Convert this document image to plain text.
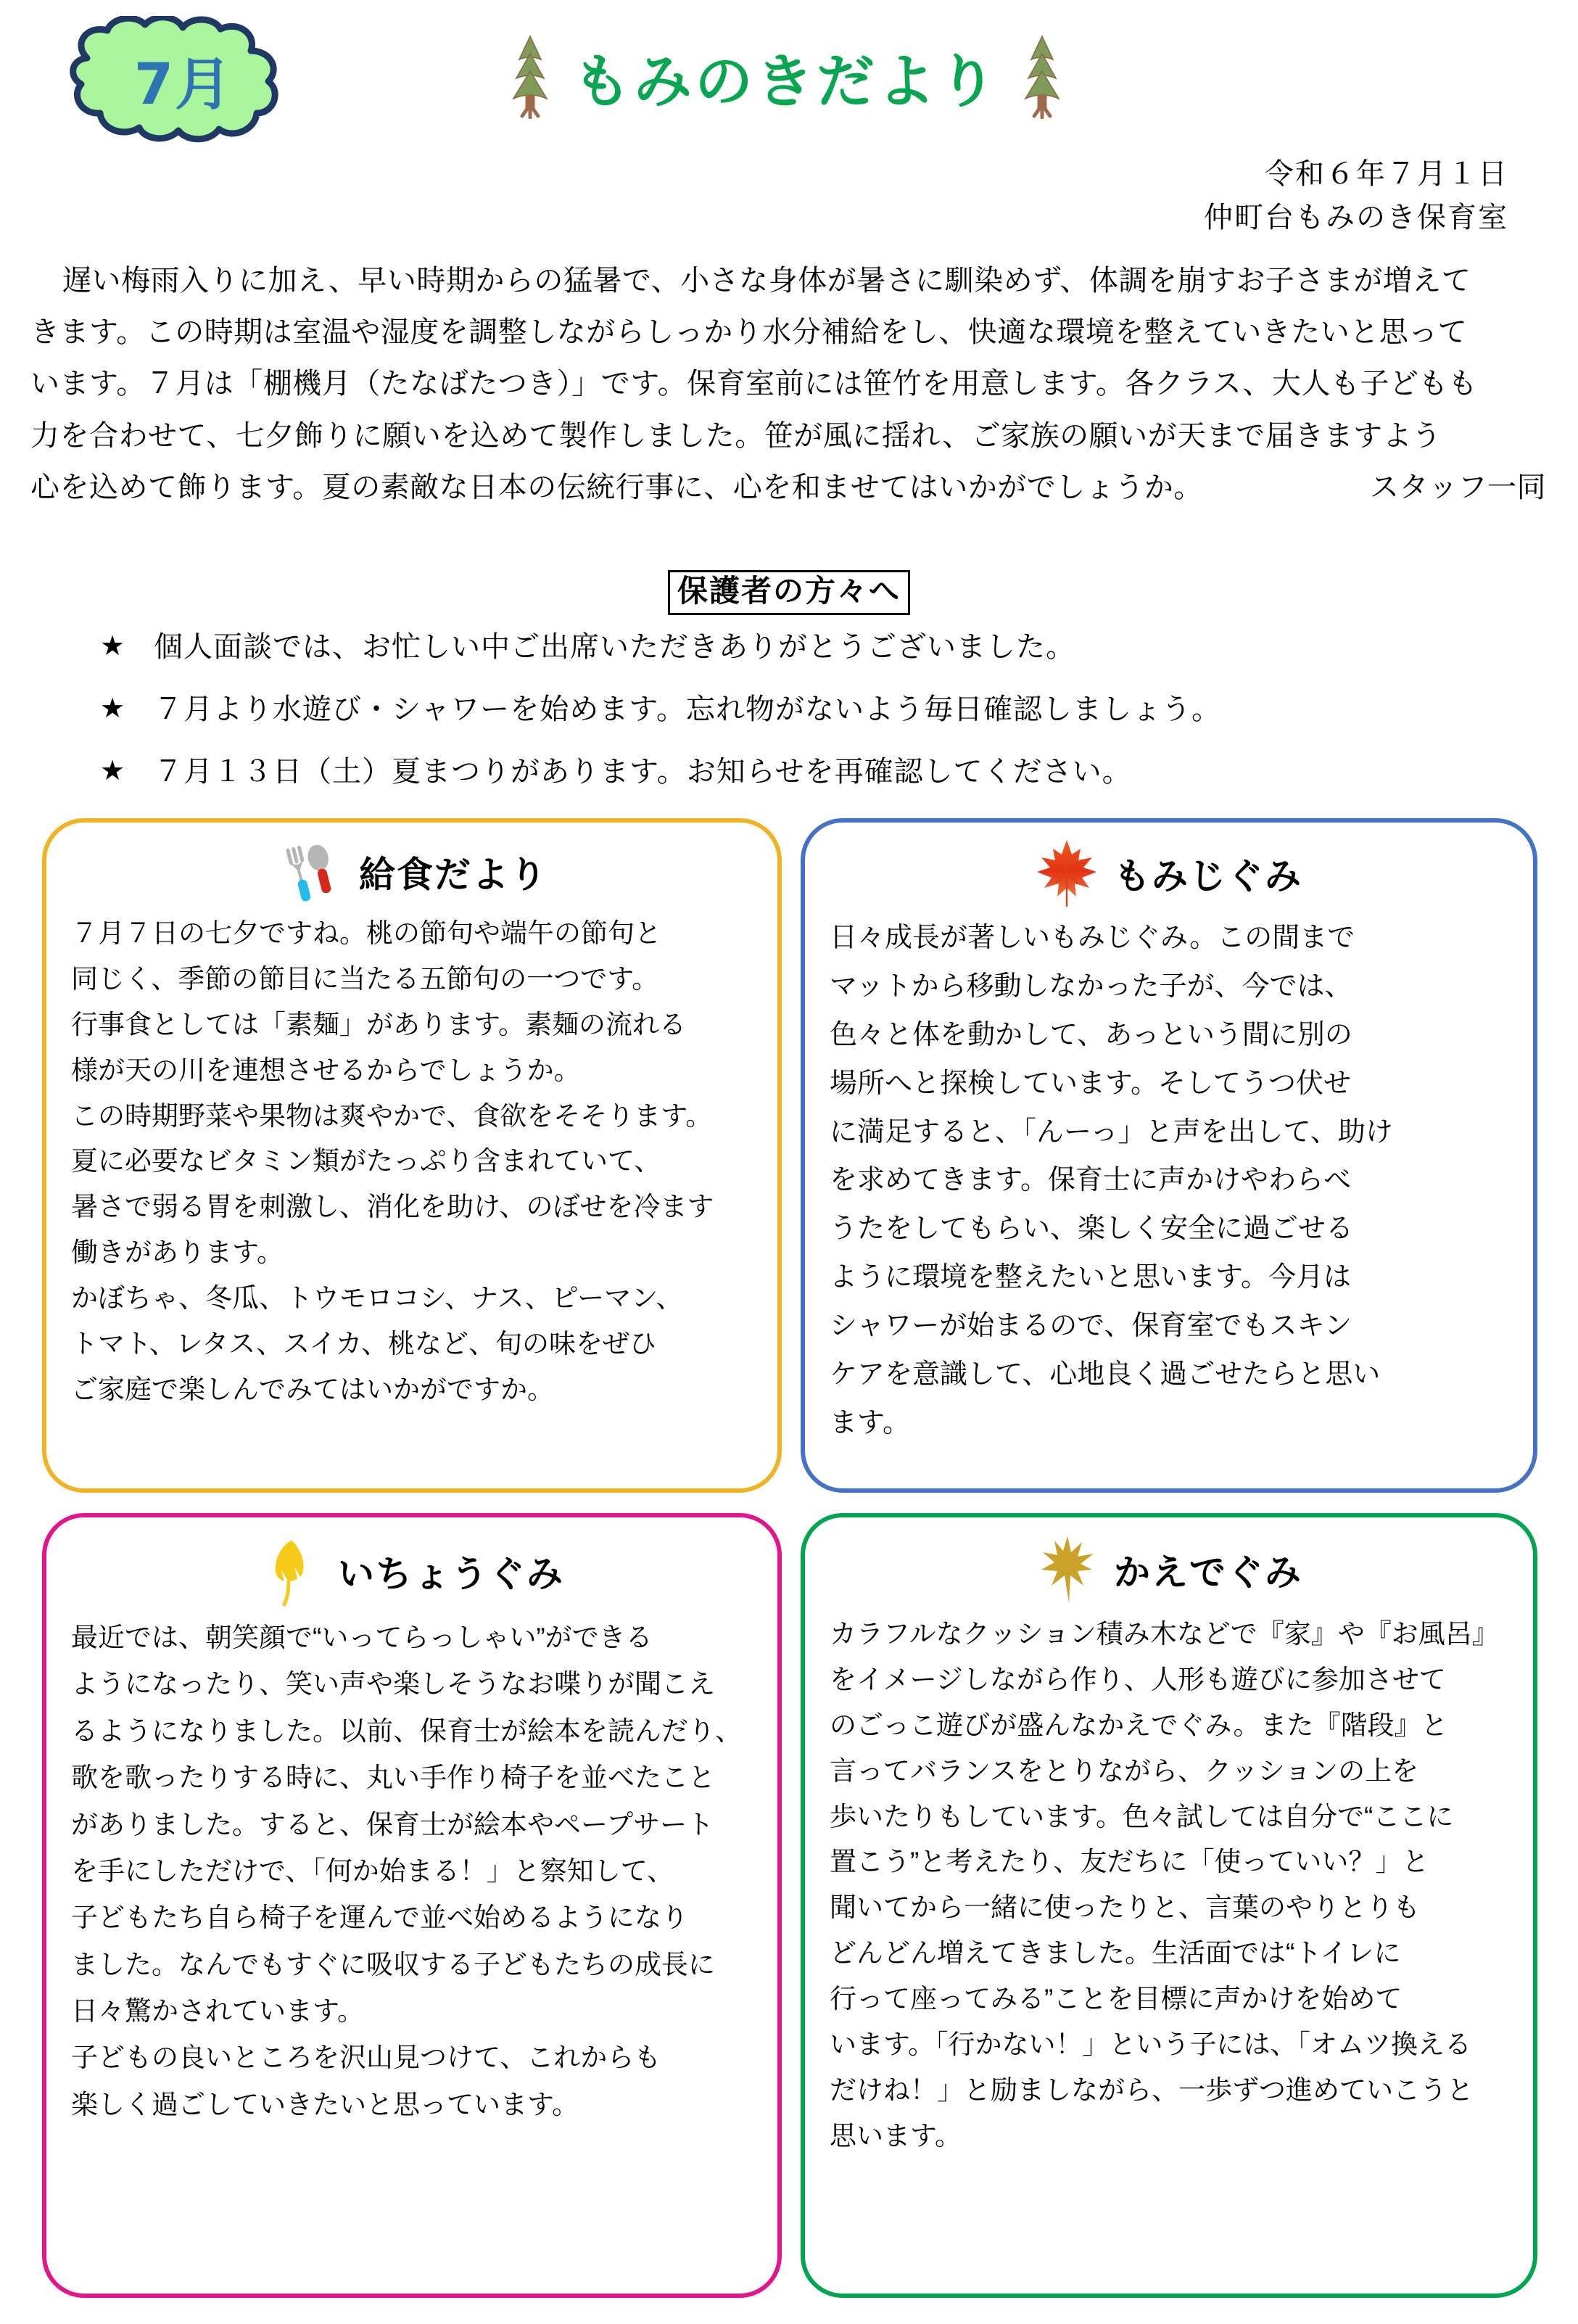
7月	もみのきだより
令和６年７月１日
仲町台もみのき保育室

遅い梅雨入りに加え、早い時期からの猛暑で、小さな身体が暑さに馴染めず、体調を崩すお子さまが増えて

きます。この時期は室温や湿度を調整しながらしっかり水分補給をし、快適な環境を整えていきたいと思って

います。７月は「棚機月（たなばたつき）」です。保育室前には笹竹を用意します。各クラス、大人も子どもも

力を合わせて、七夕飾りに願いを込めて製作しました。笹が風に揺れ、ご家族の願いが天まで届きますよう

心を込めて飾ります。夏の素敵な日本の伝統行事に、心を和ませてはいかがでしょうか。	スタッフ一同

保護者の方々へ
★ 個人面談では、お忙しい中ご出席いただきありがとうございました。
★ ７月より水遊び・シャワーを始めます。忘れ物がないよう毎日確認しましょう。
★ ７月１３日（土）夏まつりがあります。お知らせを再確認してください。
給食だより

７月７日の七夕ですね。桃の節句や端午の節句と

同じく、季節の節目に当たる五節句の一つです。

行事食としては「素麺」があります。素麺の流れる

様が天の川を連想させるからでしょうか。

この時期野菜や果物は爽やかで、食欲をそそります。

夏に必要なビタミン類がたっぷり含まれていて、

暑さで弱る胃を刺激し、消化を助け、のぼせを冷ます

働きがあります。

かぼちゃ、冬瓜、トウモロコシ、ナス、ピーマン、

トマト、レタス、スイカ、桃など、旬の味をぜひ

ご家庭で楽しんでみてはいかがですか。

もみじぐみ

日々成長が著しいもみじぐみ。この間まで

マットから移動しなかった子が、今では、

色々と体を動かして、あっという間に別の

場所へと探検しています。そしてうつ伏せ

に満足すると、「んーっ」と声を出して、助け

を求めてきます。保育士に声かけやわらべ

うたをしてもらい、楽しく安全に過ごせる

ように環境を整えたいと思います。今月は

シャワーが始まるので、保育室でもスキン

ケアを意識して、心地良く過ごせたらと思い

ます。

いちょうぐみ

最近では、朝笑顔で“いってらっしゃい”ができる

ようになったり、笑い声や楽しそうなお喋りが聞こえ

るようになりました。以前、保育士が絵本を読んだり、

歌を歌ったりする時に、丸い手作り椅子を並べたこと

がありました。すると、保育士が絵本やペープサート

を手にしただけで、「何か始まる！」と察知して、

子どもたち自ら椅子を運んで並べ始めるようになり

ました。なんでもすぐに吸収する子どもたちの成長に

日々驚かされています。

子どもの良いところを沢山見つけて、これからも

楽しく過ごしていきたいと思っています。

かえでぐみ

カラフルなクッション積み木などで『家』や『お風呂』

をイメージしながら作り、人形も遊びに参加させて

のごっこ遊びが盛んなかえでぐみ。また『階段』と

言ってバランスをとりながら、クッションの上を

歩いたりもしています。色々試しては自分で“ここに

置こう”と考えたり、友だちに「使っていい？」と

聞いてから一緒に使ったりと、言葉のやりとりも

どんどん増えてきました。生活面では“トイレに

行って座ってみる”ことを目標に声かけを始めて

います。「行かない！」という子には、「オムツ換える

だけね！」と励ましながら、一歩ずつ進めていこうと

思います。
